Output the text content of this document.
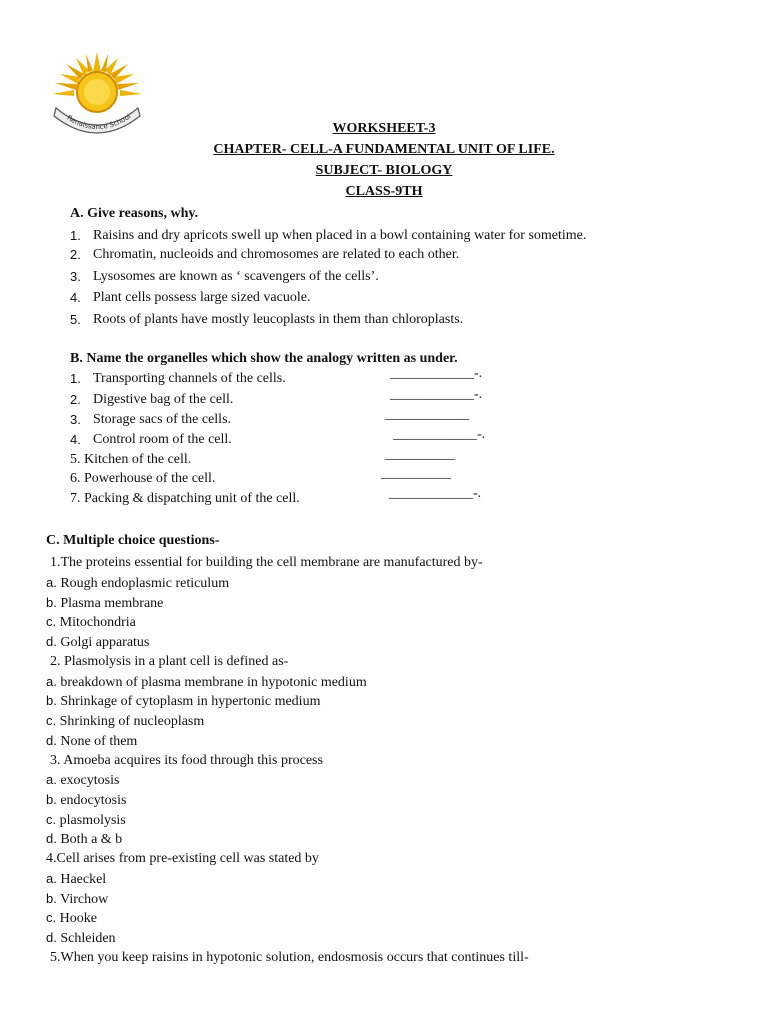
Renaissance School
WORKSHEET-3
CHAPTER- CELL-A FUNDAMENTAL UNIT OF LIFE.
SUBJECT- BIOLOGY
CLASS-9TH
A. Give reasons, why.
1. Raisins and dry apricots swell up when placed in a bowl containing water for sometime.
2. Chromatin, nucleoids and chromosomes are related to each other.
3. Lysosomes are known as ‘ scavengers of the cells’.
4. Plant cells possess large sized vacuole.
5. Roots of plants have mostly leucoplasts in them than chloroplasts.
B. Name the organelles which show the analogy written as under.
1. Transporting channels of the cells.	____________-.
2. Digestive bag of the cell.	____________-.
3. Storage sacs of the cells.	____________
4. Control room of the cell.	____________-.
5. Kitchen of the cell.	__________
6. Powerhouse of the cell.	__________
7. Packing & dispatching unit of the cell.	____________-.
C. Multiple choice questions-
1.The proteins essential for building the cell membrane are manufactured by-
a. Rough endoplasmic reticulum
b. Plasma membrane
c. Mitochondria
d. Golgi apparatus
2. Plasmolysis in a plant cell is defined as-
a. breakdown of plasma membrane in hypotonic medium
b. Shrinkage of cytoplasm in hypertonic medium
c. Shrinking of nucleoplasm
d. None of them
3. Amoeba acquires its food through this process
a. exocytosis
b. endocytosis
c. plasmolysis
d. Both a & b
4.Cell arises from pre-existing cell was stated by
a. Haeckel
b. Virchow
c. Hooke
d. Schleiden
5.When you keep raisins in hypotonic solution, endosmosis occurs that continues till-
